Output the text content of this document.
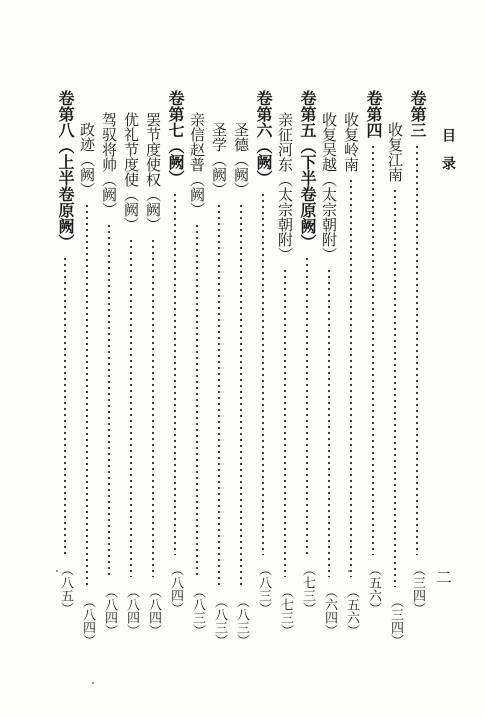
目录
二
卷第三
（三四）
收复江南
（三四）
卷第四
（五六）
收复岭南
（五六）
收复吴越（太宗朝附）
（六四）
卷第五（下半卷原阙）
（七三）
亲征河东（太宗朝附）
（七三）
卷第六（阙）
（八三）
圣德（阙）
（八三）
圣学（阙）
（八三）
亲信赵普（阙）
（八三）
卷第七（阙）
（八四）
罢节度使权（阙）
（八四）
优礼节度使（阙）
（八四）
驾驭将帅（阙）
（八四）
政迹（阙）
（八四）
卷第八（上半卷原阙）
（八五）
